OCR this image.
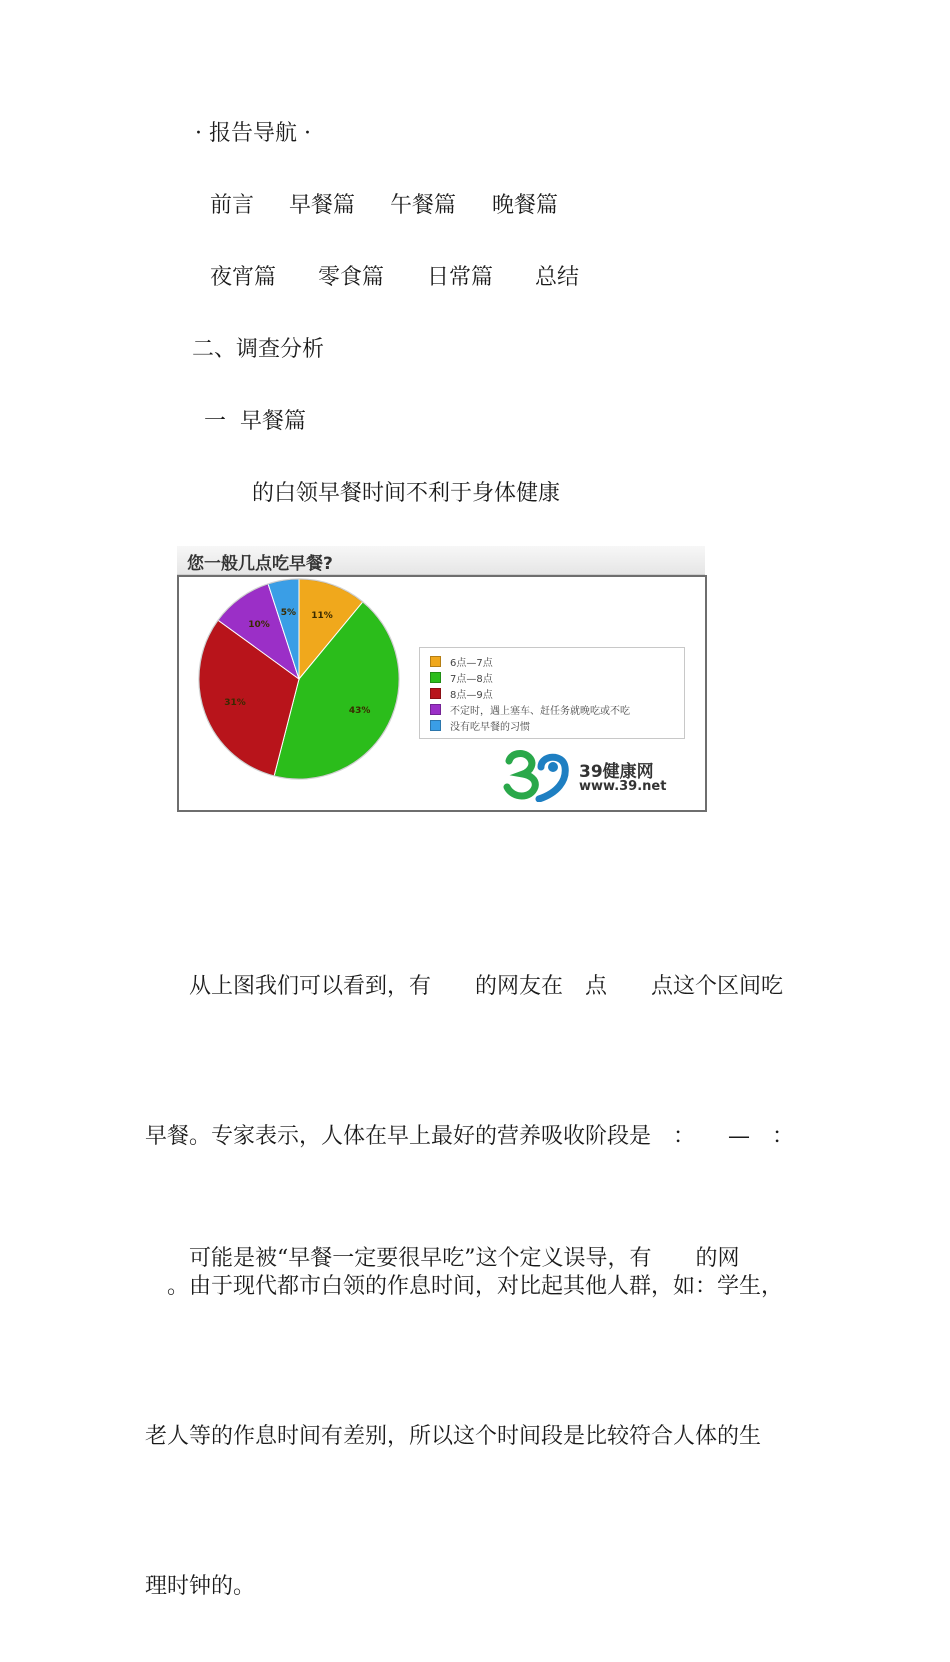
· 报告导航 ·
前言 早餐篇 午餐篇 晚餐篇
夜宵篇 零食篇 日常篇 总结
二、调查分析
一  早餐篇
的白领早餐时间不利于身体健康
您一般几点吃早餐?
11%
43%
31%
10%
5%
6点—7点
7点—8点
8点—9点
不定时，遇上塞车、赶任务就晚吃或不吃
没有吃早餐的习惯
39健康网
www.39.net

　　从上图我们可以看到，有　　的网友在　点　　点这个区间吃

早餐。专家表示，人体在早上最好的营养吸收阶段是　：　　—　：

　。由于现代都市白领的作息时间，对比起其他人群，如：学生，

老人等的作息时间有差别，所以这个时间段是比较符合人体的生

理时钟的。

　　可能是被“早餐一定要很早吃”这个定义误导，有　　的网
